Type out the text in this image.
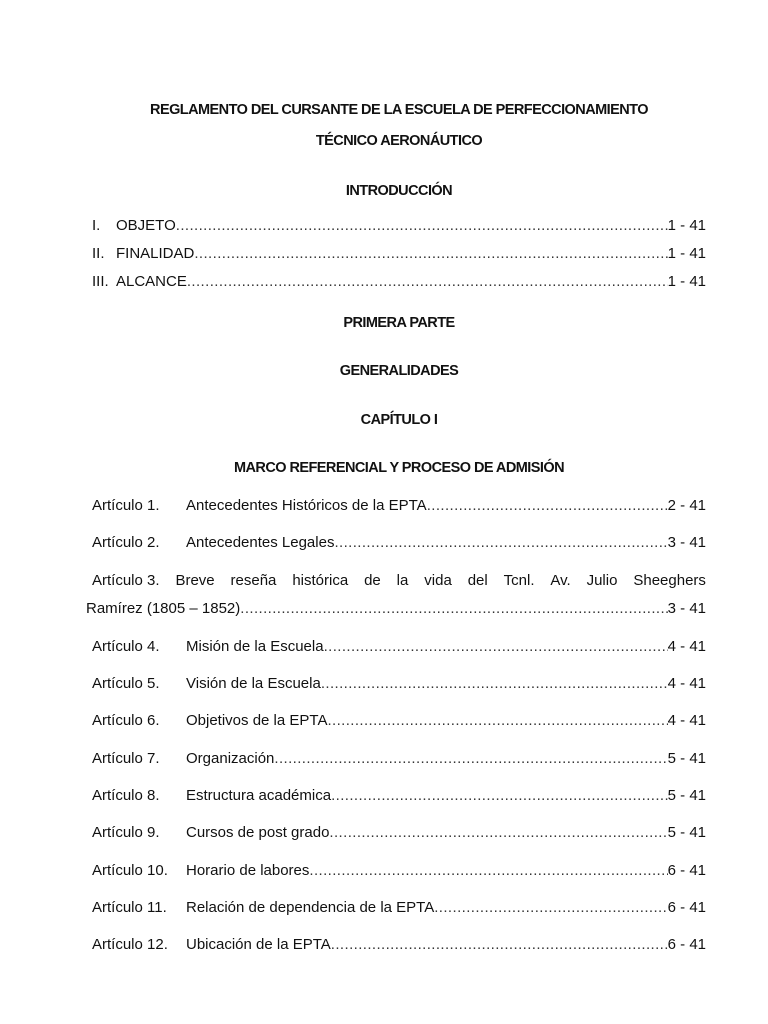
REGLAMENTO DEL CURSANTE DE LA ESCUELA DE PERFECCIONAMIENTO
TÉCNICO AERONÁUTICO
INTRODUCCIÓN
I.	OBJETO .....	1 - 41
II. FINALIDAD .....	1 - 41
III. ALCANCE .....	1 - 41
PRIMERA PARTE
GENERALIDADES
CAPÍTULO I
MARCO REFERENCIAL Y PROCESO DE ADMISIÓN
Artículo 1.	Antecedentes Históricos de la EPTA .....	2 - 41
Artículo 2.	Antecedentes Legales .....	3 - 41
Artículo 3. Breve reseña histórica de la vida del Tcnl. Av. Julio Sheeghers
Ramírez (1805 – 1852) .....	3 - 41
Artículo 4.	Misión de la Escuela .....	4 - 41
Artículo 5.	Visión de la Escuela .....	4 - 41
Artículo 6.	Objetivos de la EPTA .....	4 - 41
Artículo 7.	Organización .....	5 - 41
Artículo 8.	Estructura académica .....	5 - 41
Artículo 9.	Cursos de post grado .....	5 - 41
Artículo 10.	Horario de labores .....	6 - 41
Artículo 11.	Relación de dependencia de la EPTA .....	6 - 41
Artículo 12.	Ubicación de la EPTA .....	6 - 41
